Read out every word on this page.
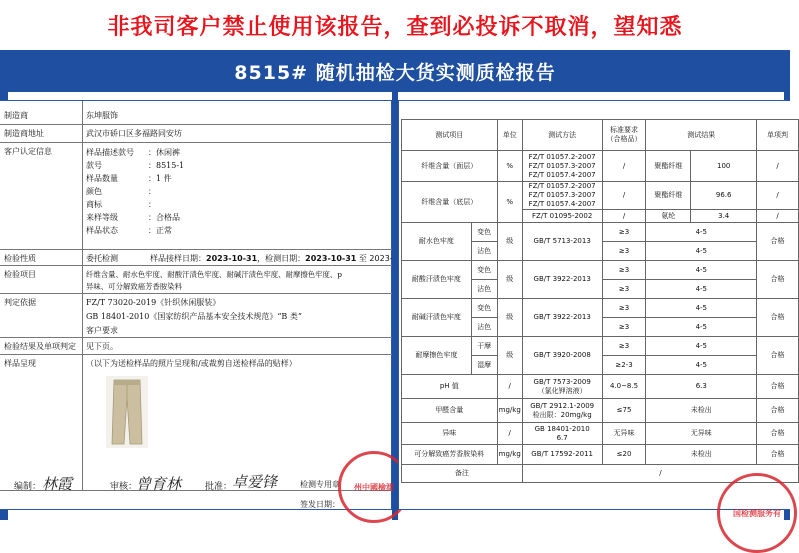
非我司客户禁止使用该报告，查到必投诉不取消，望知悉
8515# 随机抽检大货实测质检报告
制造商	东坤服饰
制造商地址	武汉市硚口区多福路同安坊
客户认定信息	样品描述款号 ：休闲裤
款号	：8515-1
样品数量	：1 件
颜色	：
商标	：
来样等级	：合格品
样品状态	：正常
检验性质	委托检测	样品接样日期：2023-10-31，检测日期：2023-10-31 至 2023-
检验项目	纤维含量、耐水色牢度、耐酸汗渍色牢度、耐碱汗渍色牢度、耐摩擦色牢度、p
异味、可分解致癌芳香胺染料
判定依据	FZ/T 73020-2019《针织休闲服装》
GB 18401-2010《国家纺织产品基本安全技术规范》“B 类”
客户要求
检验结果及单项判定 见下页。
样品呈现	（以下为送检样品的照片呈现和/或裁剪自送检样品的贴样）
编制： 林霞	审核：
曾育林	批准： 卓爱锋	检测专用章
签发日期：
州中國檢測
测试项目		单位	测试方法	标准要求（合格品）	测试结果		单项判
纤维含量（面层）		%	FZ/T 01057.2-2007
FZ/T 01057.3-2007
FZ/T 01057.4-2007	/	聚酯纤维	100	/
纤维含量（底层）		%	FZ/T 01057.2-2007
FZ/T 01057.3-2007
FZ/T 01057.4-2007	/	聚酯纤维	96.6	/
			FZ/T 01095-2002	/	氨纶	3.4	/
耐水色牢度	变色	级	GB/T 5713-2013	≥3	4-5		合格
	沾色			≥3	4-5		
耐酸汗渍色牢度	变色	级	GB/T 3922-2013	≥3	4-5		合格
	沾色			≥3	4-5		
耐碱汗渍色牢度	变色	级	GB/T 3922-2013	≥3	4-5		合格
	沾色			≥3	4-5		
耐摩擦色牢度	干摩	级	GB/T 3920-2008	≥3	4-5		合格
	湿摩			≥2-3	4-5		
pH 值		/	GB/T 7573-2009
（氯化钾溶液）	4.0~8.5	6.3		合格
甲醛含量		mg/kg	GB/T 2912.1-2009
检出限：20mg/kg	≤75	未检出		合格
异味		/	GB 18401-2010
6.7	无异味	无异味		合格
可分解致癌芳香胺染料		mg/kg	GB/T 17592-2011	≤20	未检出		合格
备注			/				
国检测服务有
